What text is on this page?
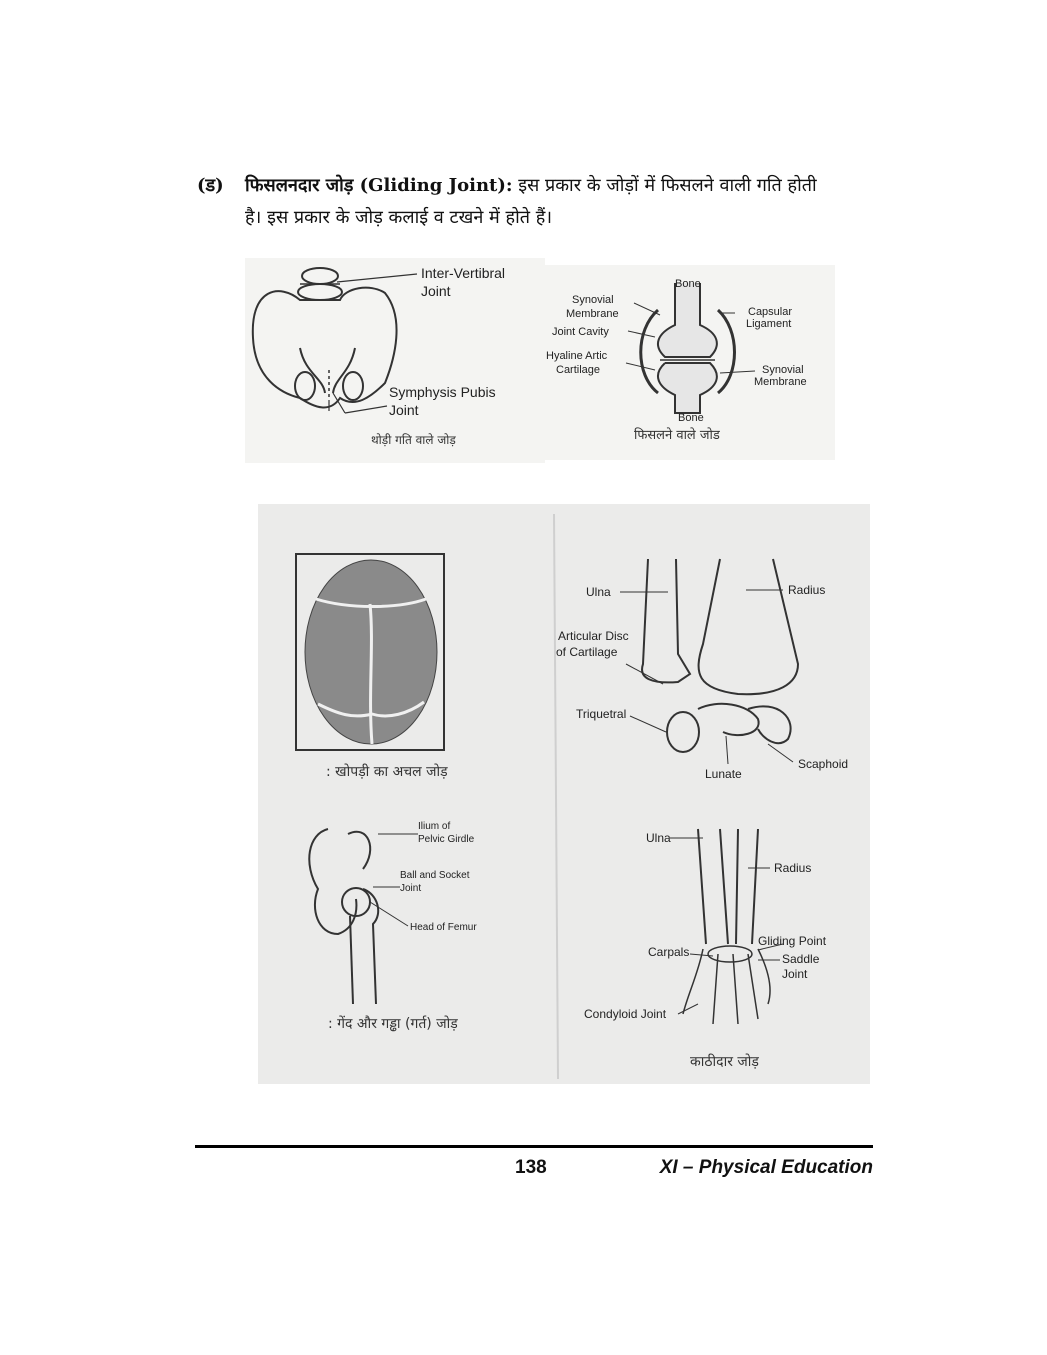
(ड) फिसलनदार जोड़ (Gliding Joint): इस प्रकार के जोड़ों में फिसलने वाली गति होती
है। इस प्रकार के जोड़ कलाई व टखने में होते हैं।
Inter-Vertibral
Joint
Symphysis Pubis
Joint
थोड़ी गति वाले जोड़
Bone
Synovial
Membrane
Joint Cavity
Hyaline Artic
Cartilage
Capsular
Ligament
Synovial
Membrane
Bone
फिसलने वाले जोड
: खोपड़ी का अचल जोड़
Ilium of
Pelvic Girdle
Ball and Socket
Joint
Head of Femur
: गेंद और गड्ढा (गर्त) जोड़
Ulna	Radius
Articular Disc
of Cartilage
Triquetral
Lunate
Scaphoid
Ulna
Radius
Carpals
Gliding Point
Saddle
Joint
Condyloid Joint
काठीदार जोड़
138	XI – Physical Education
